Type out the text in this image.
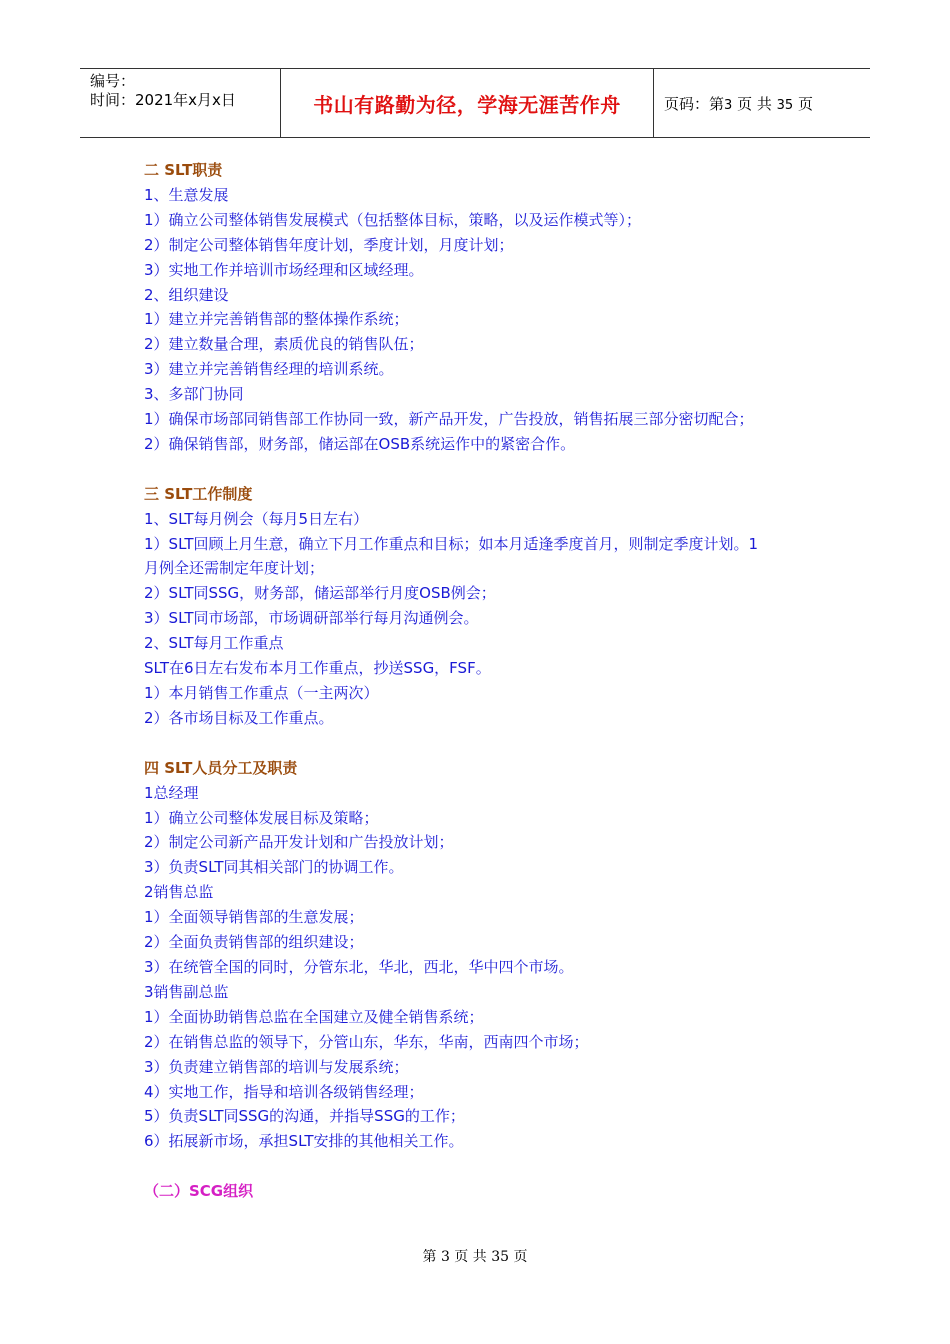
编号：
时间：2021年x月x日	书山有路勤为径，学海无涯苦作舟	页码：第3 页 共 35 页
二 SLT职责
1、生意发展
1）确立公司整体销售发展模式（包括整体目标，策略，以及运作模式等）；
2）制定公司整体销售年度计划，季度计划，月度计划；
3）实地工作并培训市场经理和区域经理。
2、组织建设
1）建立并完善销售部的整体操作系统；
2）建立数量合理，素质优良的销售队伍；
3）建立并完善销售经理的培训系统。
3、多部门协同
1）确保市场部同销售部工作协同一致，新产品开发，广告投放，销售拓展三部分密切配合；
2）确保销售部，财务部，储运部在OSB系统运作中的紧密合作。
三 SLT工作制度
1、SLT每月例会（每月5日左右）
1）SLT回顾上月生意，确立下月工作重点和目标；如本月适逢季度首月，则制定季度计划。1
月例全还需制定年度计划；
2）SLT同SSG，财务部，储运部举行月度OSB例会；
3）SLT同市场部，市场调研部举行每月沟通例会。
2、SLT每月工作重点
SLT在6日左右发布本月工作重点，抄送SSG，FSF。
1）本月销售工作重点（一主两次）
2）各市场目标及工作重点。
四 SLT人员分工及职责
1总经理
1）确立公司整体发展目标及策略；
2）制定公司新产品开发计划和广告投放计划；
3）负责SLT同其相关部门的协调工作。
2销售总监
1）全面领导销售部的生意发展；
2）全面负责销售部的组织建设；
3）在统管全国的同时，分管东北，华北，西北，华中四个市场。
3销售副总监
1）全面协助销售总监在全国建立及健全销售系统；
2）在销售总监的领导下，分管山东，华东，华南，西南四个市场；
3）负责建立销售部的培训与发展系统；
4）实地工作，指导和培训各级销售经理；
5）负责SLT同SSG的沟通，并指导SSG的工作；
6）拓展新市场，承担SLT安排的其他相关工作。
（二）SCG组织
第 3 页 共 35 页
